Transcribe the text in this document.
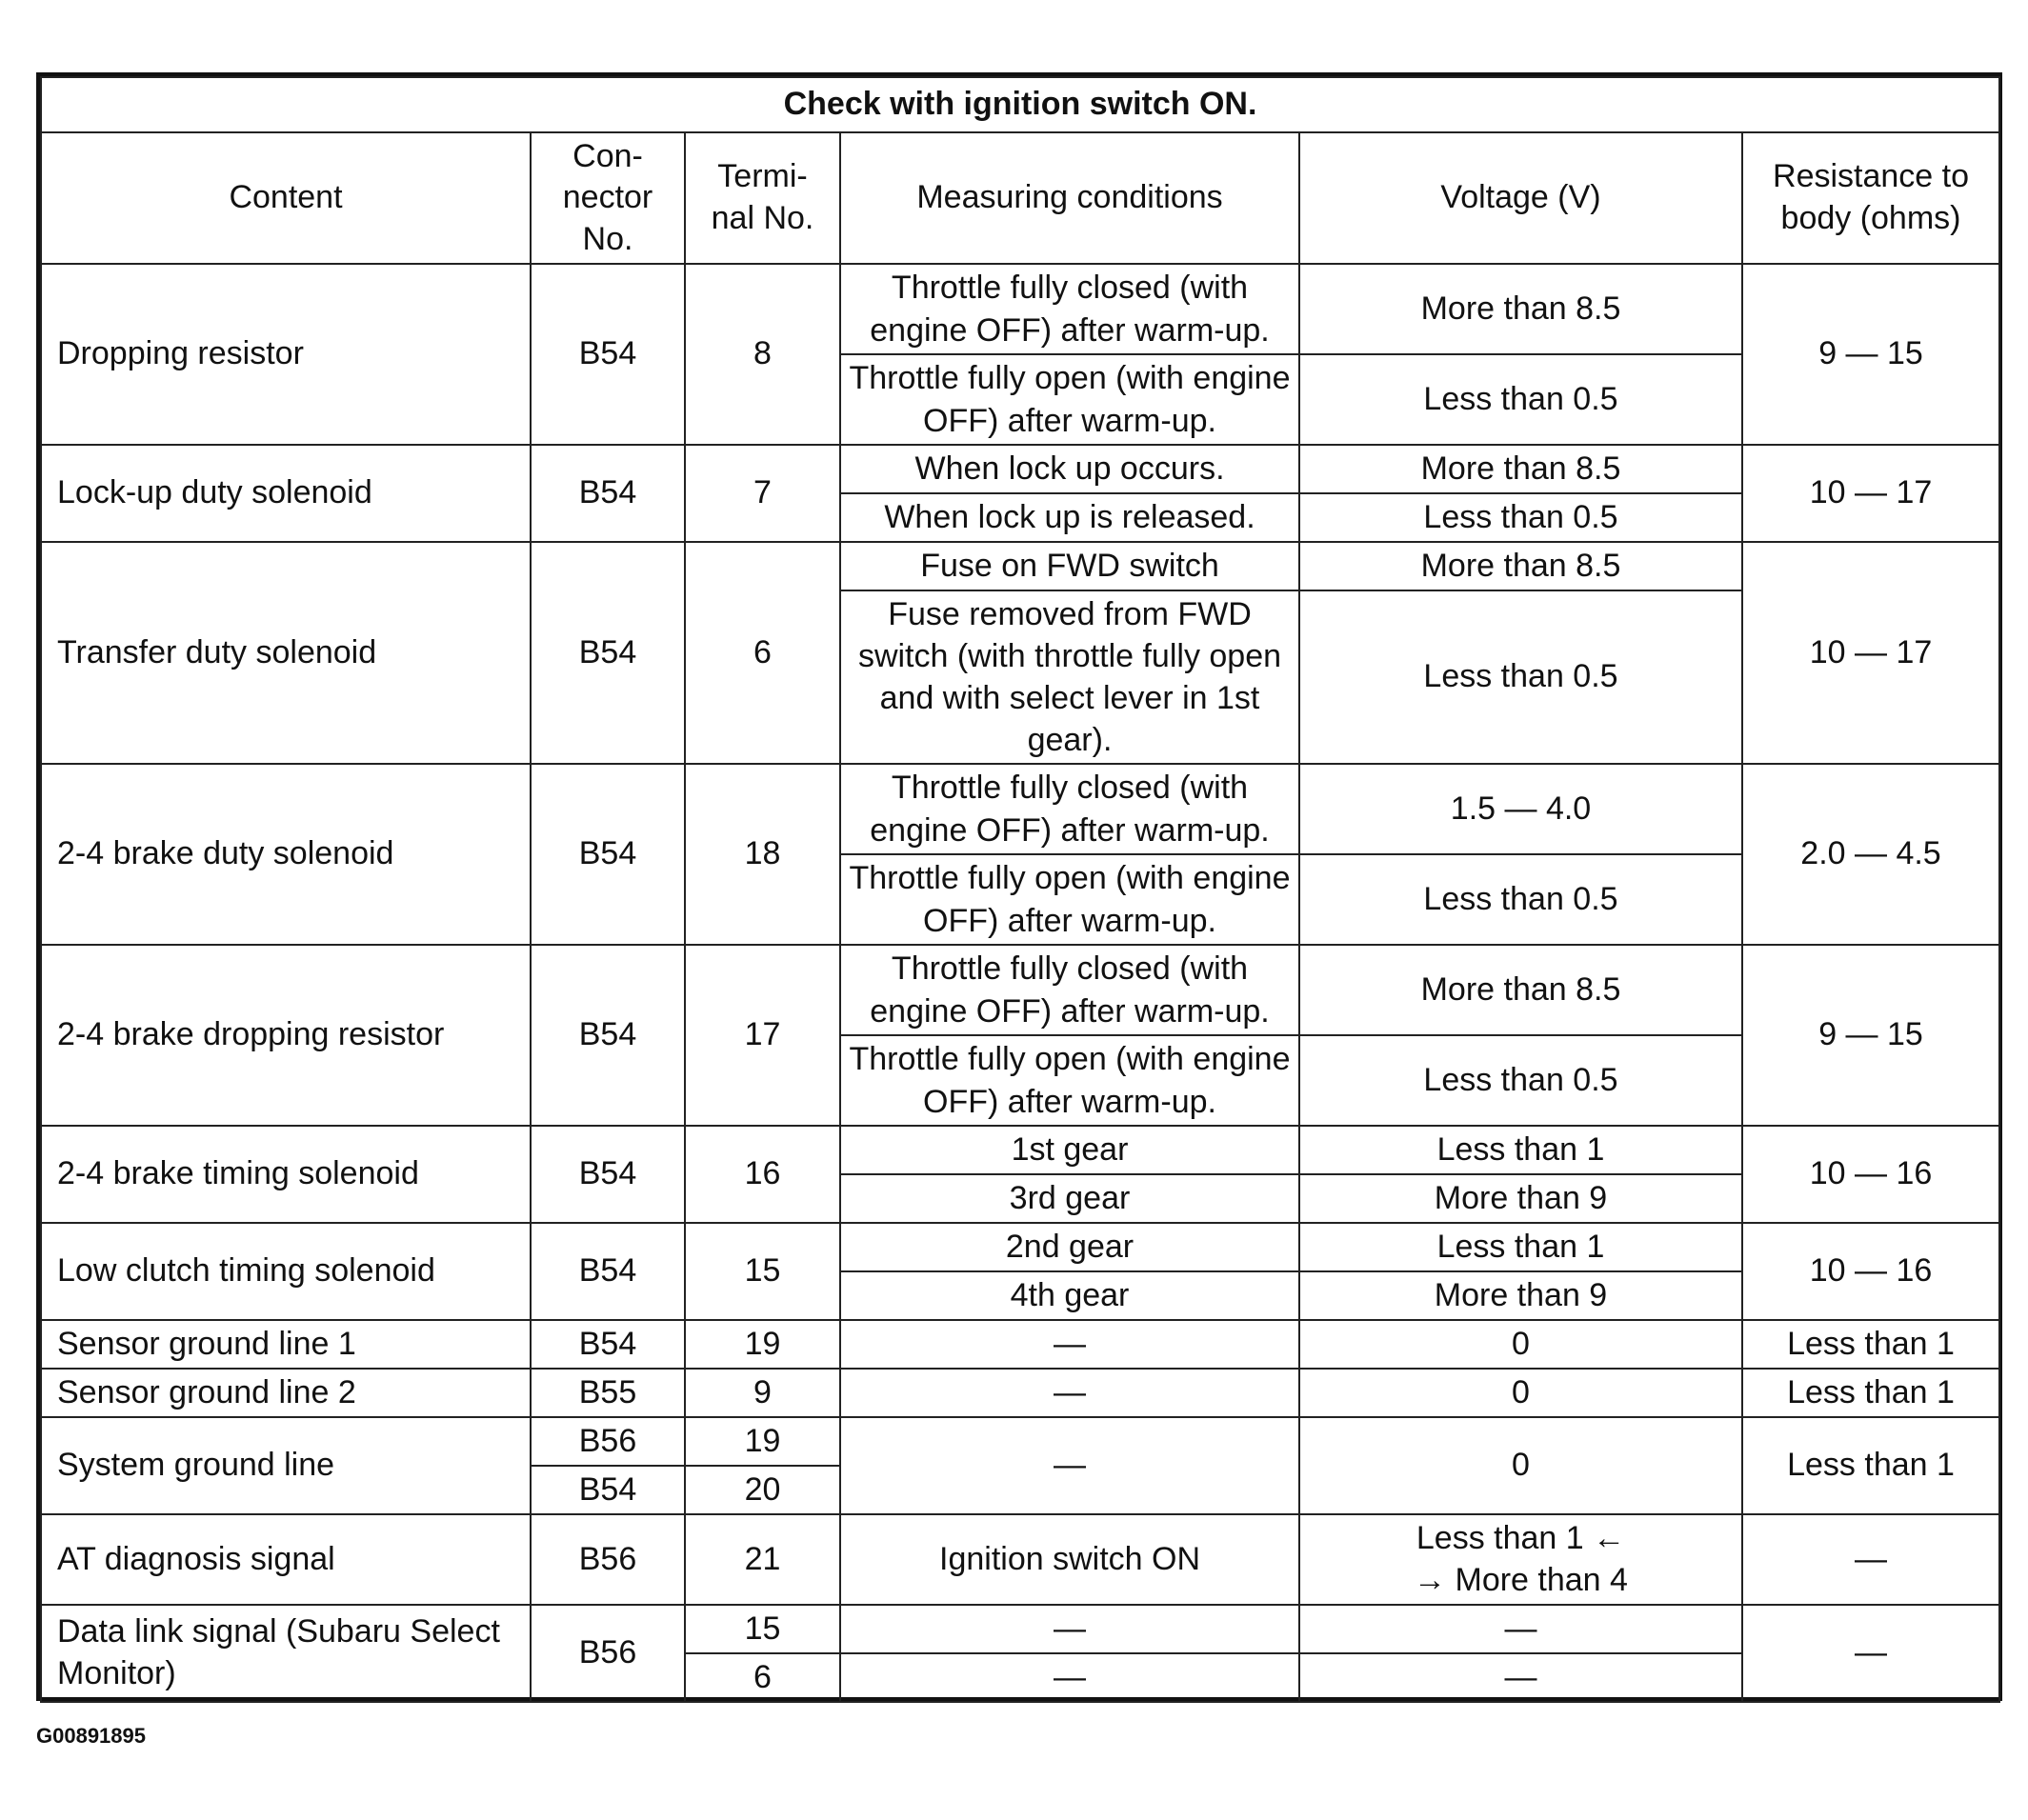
Check with ignition switch ON.					
Content	Con-
nector
No.	Termi-
nal No.	Measuring conditions	Voltage (V)	Resistance to
body (ohms)
Dropping resistor	B54	8	Throttle fully closed (with engine OFF) after warm-up.	More than 8.5	9 — 15
			Throttle fully open (with engine OFF) after warm-up.	Less than 0.5	
Lock-up duty solenoid	B54	7	When lock up occurs.	More than 8.5	10 — 17
			When lock up is released.	Less than 0.5	
Transfer duty solenoid	B54	6	Fuse on FWD switch	More than 8.5	10 — 17
			Fuse removed from FWD switch (with throttle fully open and with select lever in 1st gear).	Less than 0.5	
2-4 brake duty solenoid	B54	18	Throttle fully closed (with engine OFF) after warm-up.	1.5 — 4.0	2.0 — 4.5
			Throttle fully open (with engine OFF) after warm-up.	Less than 0.5	
2-4 brake dropping resistor	B54	17	Throttle fully closed (with engine OFF) after warm-up.	More than 8.5	9 — 15
			Throttle fully open (with engine OFF) after warm-up.	Less than 0.5	
2-4 brake timing solenoid	B54	16	1st gear	Less than 1	10 — 16
			3rd gear	More than 9	
Low clutch timing solenoid	B54	15	2nd gear	Less than 1	10 — 16
			4th gear	More than 9	
Sensor ground line 1	B54	19	—	0	Less than 1
Sensor ground line 2	B55	9	—	0	Less than 1
System ground line	B56	19	—	0	Less than 1
	B54	20			
AT diagnosis signal	B56	21	Ignition switch ON	Less than 1 ←
→ More than 4	—
Data link signal (Subaru Select Monitor)	B56	15	—	—	—
		6	—	—	
G00891895
